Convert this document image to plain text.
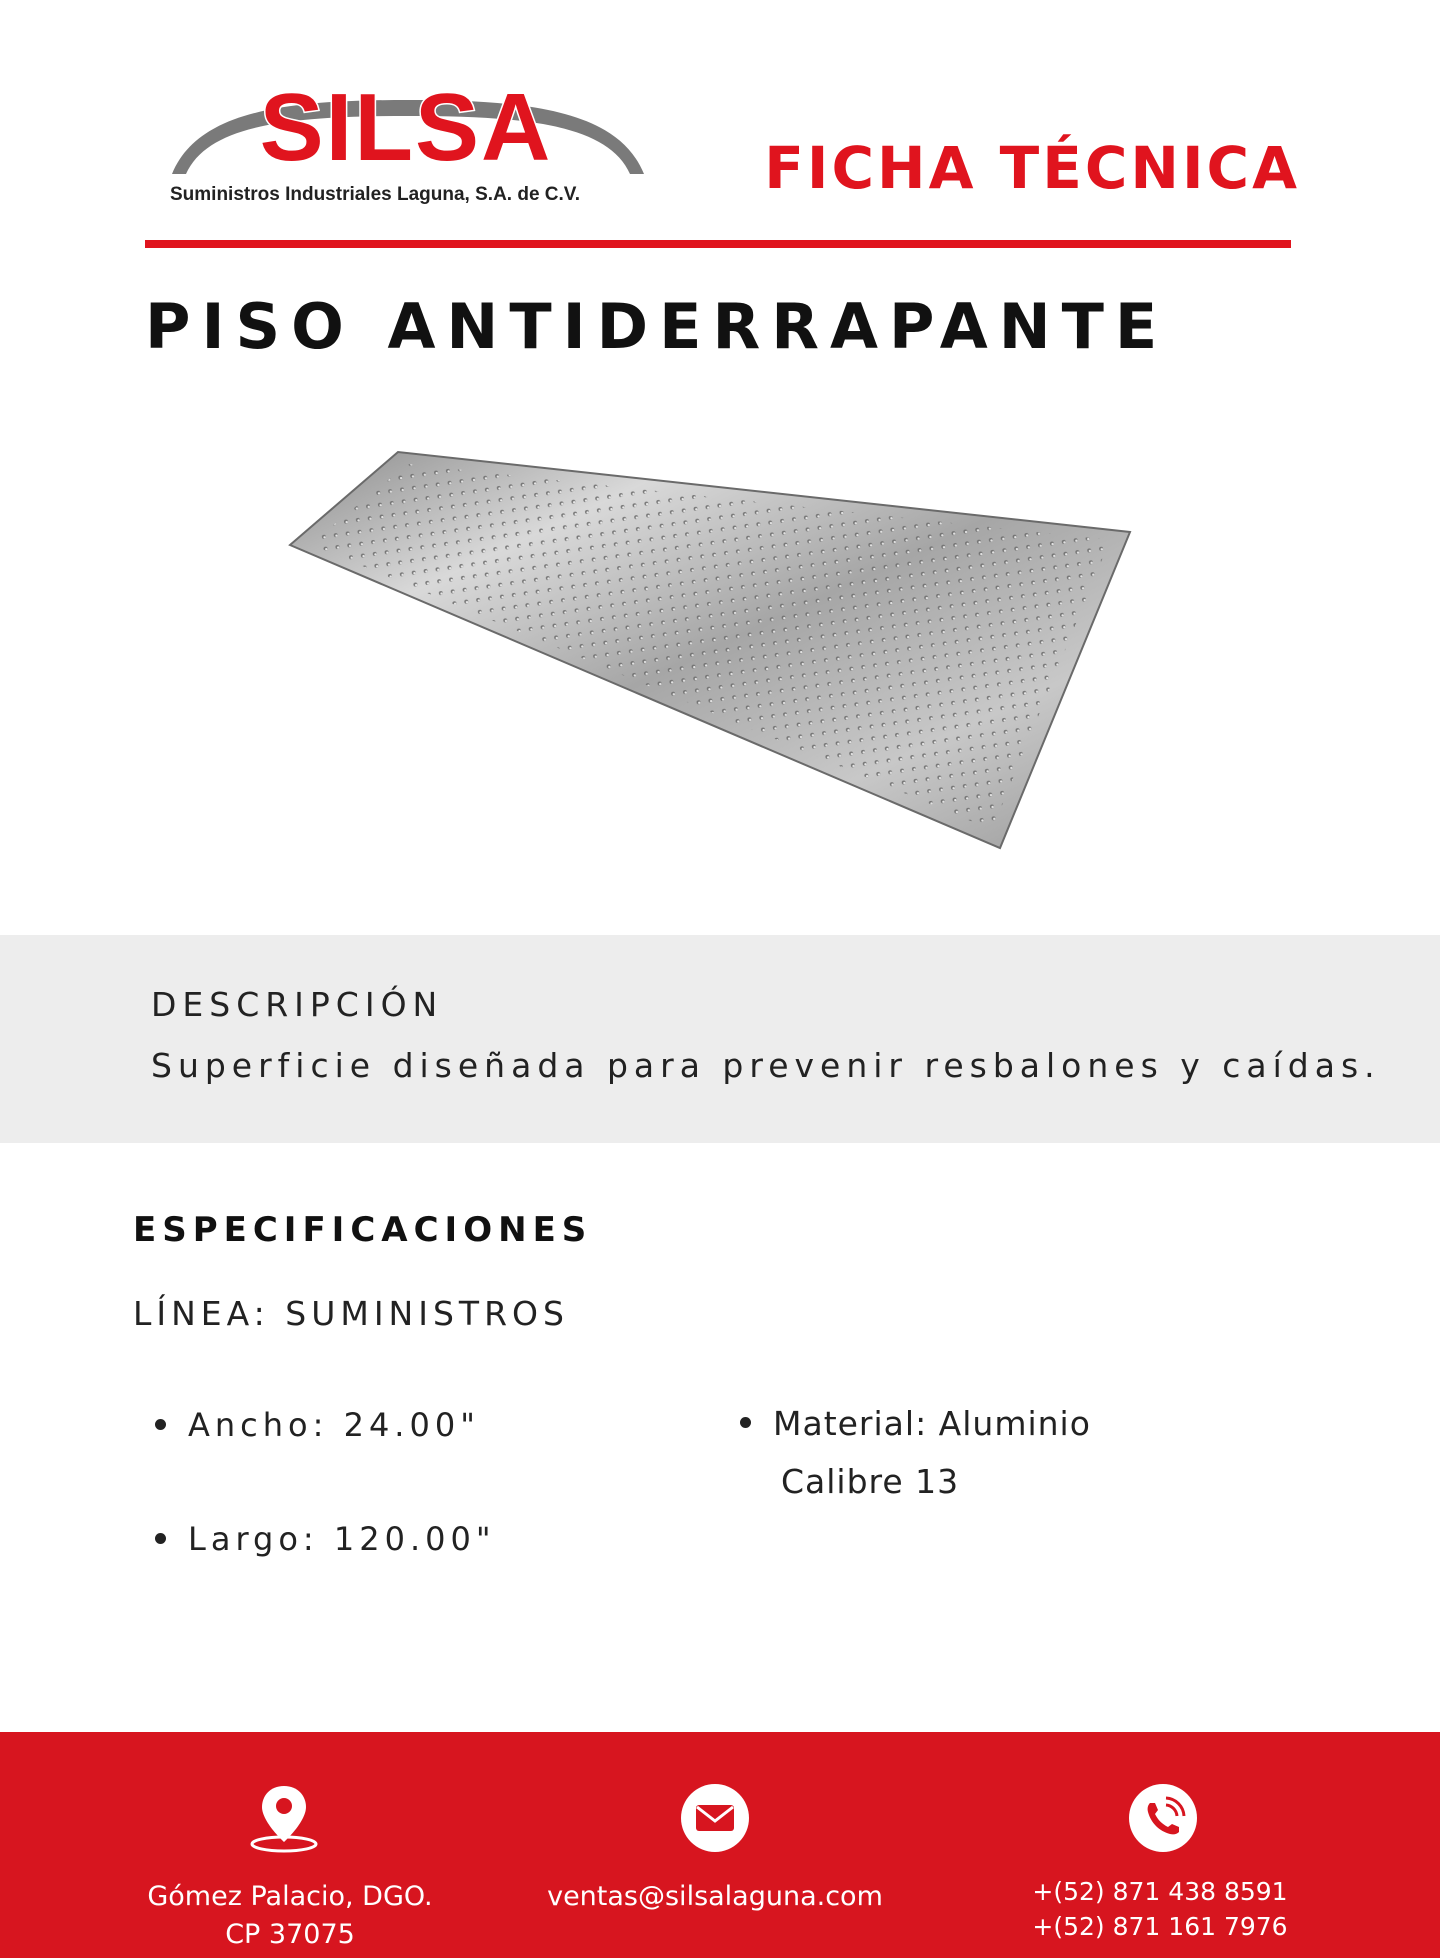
SILSA
Suministros Industriales Laguna, S.A. de C.V.	FICHA TÉCNICA
PISO ANTIDERRAPANTE
DESCRIPCIÓN
Superficie diseñada para prevenir resbalones y caídas.
ESPECIFICACIONES
LÍNEA: SUMINISTROS
Ancho: 24.00"
Largo: 120.00"
Material: Aluminio
Calibre 13
Gómez Palacio, DGO.
CP 37075
ventas@silsalaguna.com	+(52) 871 438 8591
+(52) 871 161 7976
